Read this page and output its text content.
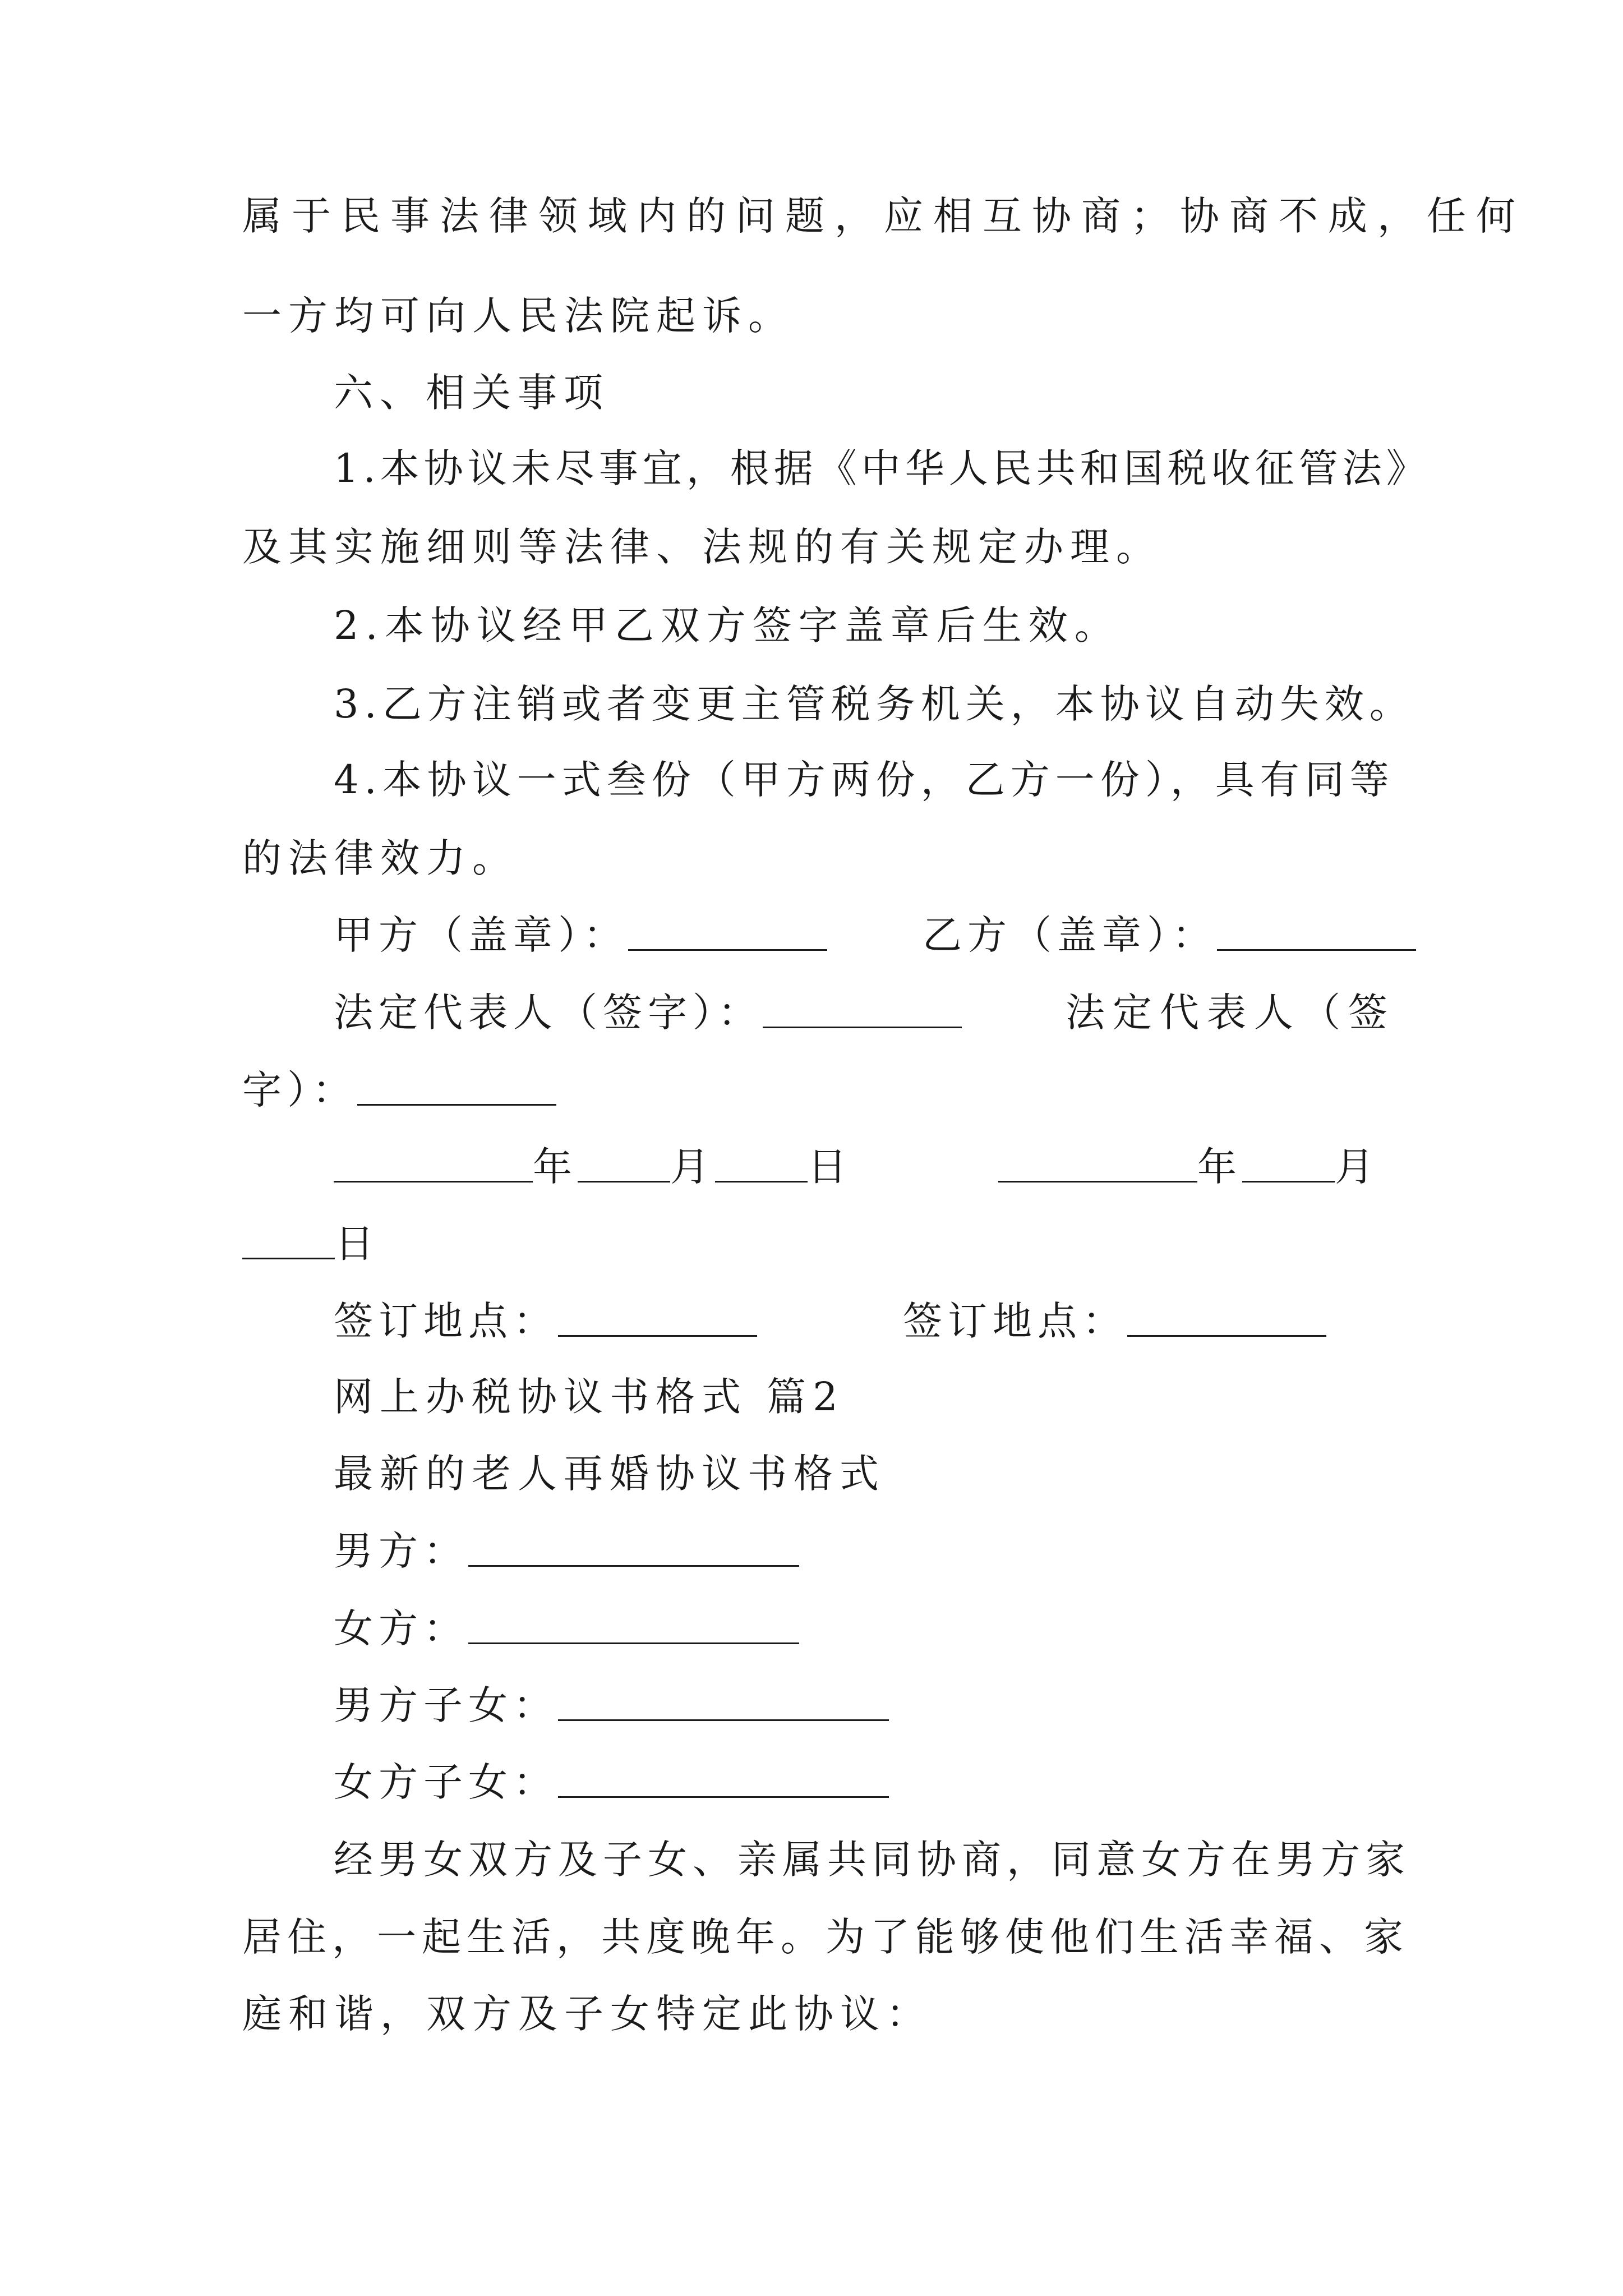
属于民事法律领域内的问题，应相互协商；协商不成，任何
一方均可向人民法院起诉。
六、相关事项
1.本协议未尽事宜，根据《中华人民共和国税收征管法》
及其实施细则等法律、法规的有关规定办理。
2.本协议经甲乙双方签字盖章后生效。
3.乙方注销或者变更主管税务机关，本协议自动失效。
4.本协议一式叁份（甲方两份，乙方一份），具有同等
的法律效力。
甲方（盖章）：	乙方（盖章）：
法定代表人（签字）：	法定代表人（签
字）：
年 月 日	年 月
日
签订地点：	签订地点：
网上办税协议书格式 篇2
最新的老人再婚协议书格式
男方：
女方：
男方子女：
女方子女：
经男女双方及子女、亲属共同协商，同意女方在男方家
居住，一起生活，共度晚年。为了能够使他们生活幸福、家
庭和谐，双方及子女特定此协议：
